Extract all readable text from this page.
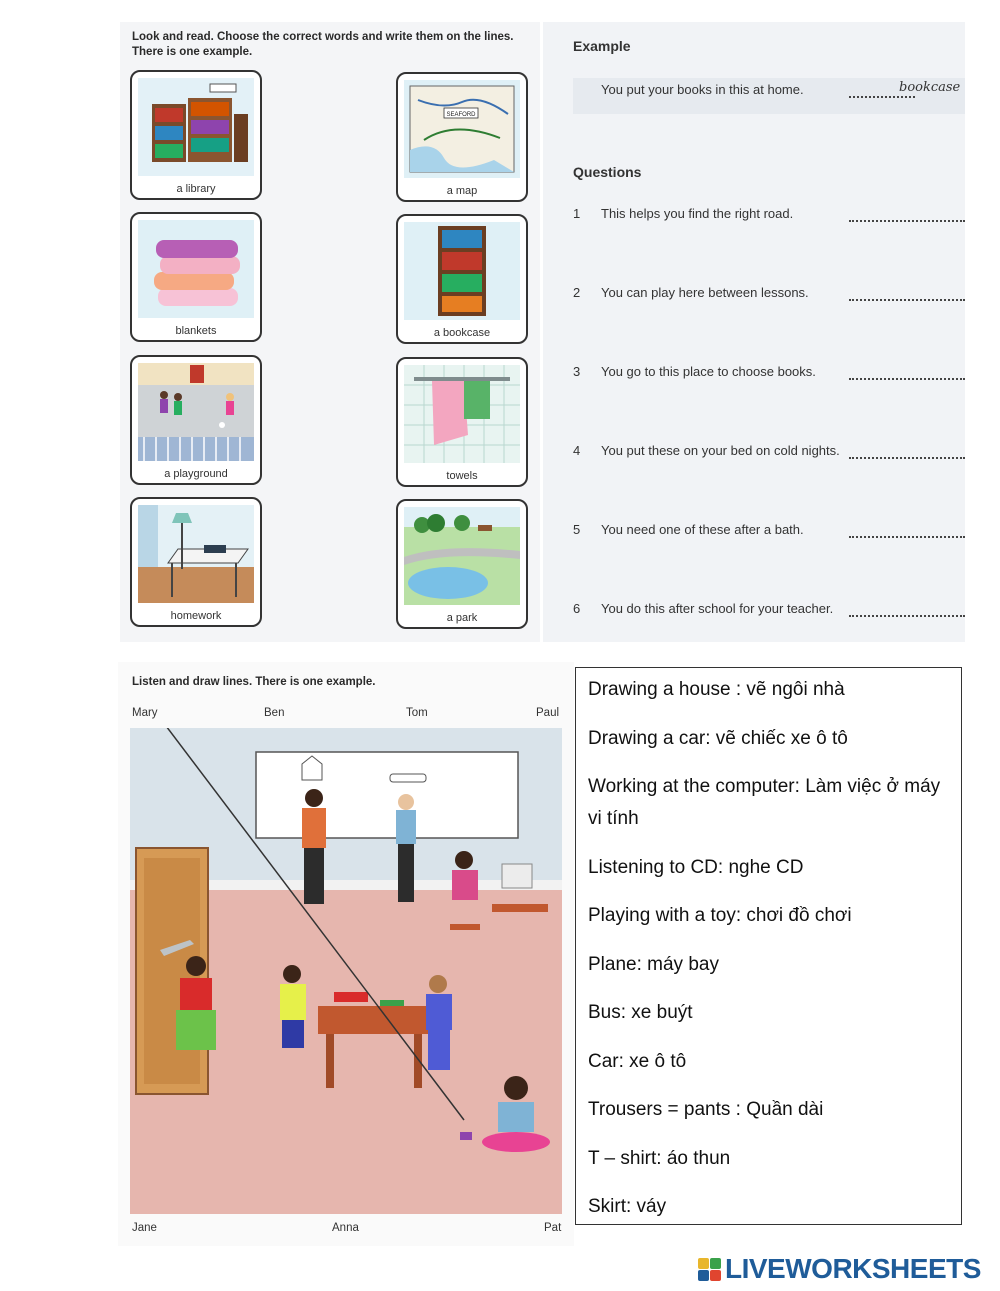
Look and read. Choose the correct words and write them on the lines. There is one example.
a library
SEAFORD
a map
blankets	a bookcase
a playground	towels
homework	a park
Example
You put your books in this at home.	bookcase
Questions
1	This helps you find the right road.
2	You can play here between lessons.
3	You go to this place to choose books.
4	You put these on your bed on cold nights.
5	You need one of these after a bath.
6	You do this after school for your teacher.
Listen and draw lines. There is one example.
Mary	Ben	Tom	Paul
Jane	Anna	Pat
Drawing a house : vẽ ngôi nhà
Drawing a car: vẽ chiếc xe ô tô
Working at the computer: Làm việc ở máy vi tính
Listening to CD: nghe CD
Playing with a toy: chơi đồ chơi
Plane: máy bay
Bus: xe buýt
Car: xe ô tô
Trousers = pants : Quần dài
T – shirt: áo thun
Skirt: váy
LIVEWORKSHEETS
